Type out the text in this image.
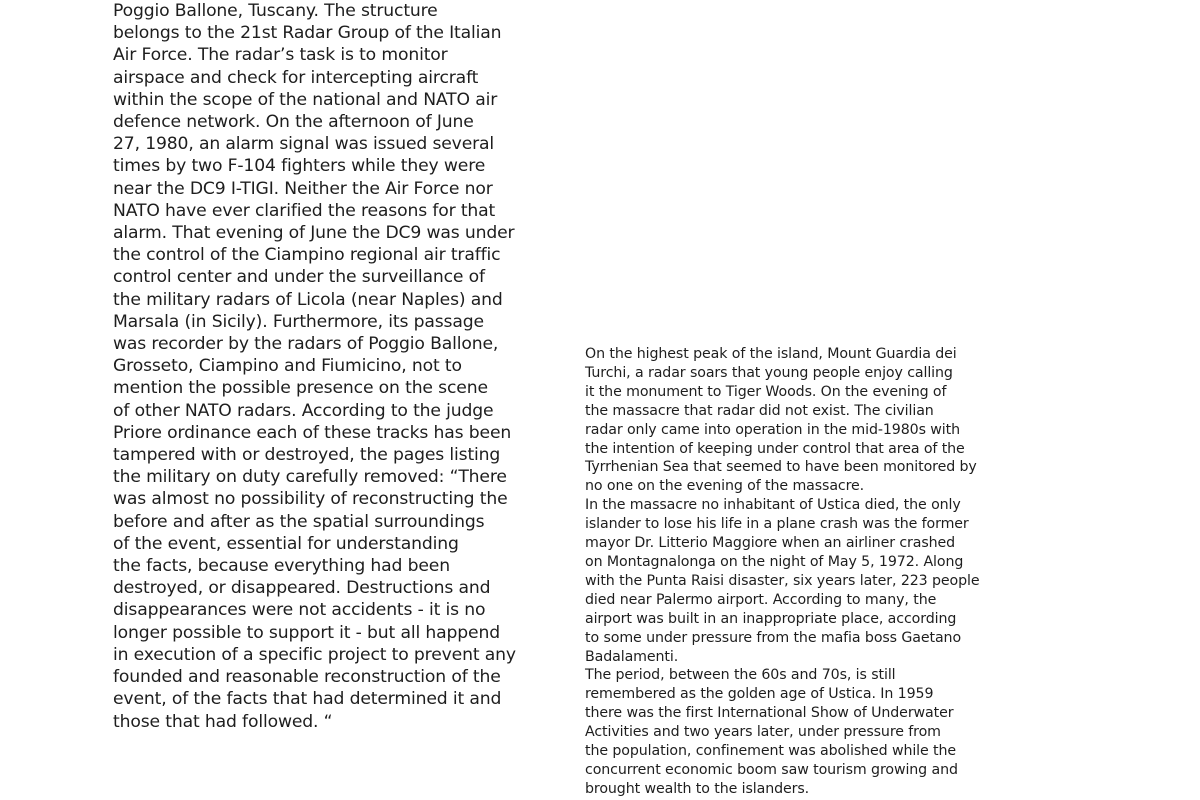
Poggio Ballone, Tuscany. The structure
belongs to the 21st Radar Group of the Italian
Air Force. The radar’s task is to monitor
airspace and check for intercepting aircraft
within the scope of the national and NATO air
defence network. On the afternoon of June
27, 1980, an alarm signal was issued several
times by two F-104 fighters while they were
near the DC9 I-TIGI. Neither the Air Force nor
NATO have ever clarified the reasons for that
alarm. That evening of June the DC9 was under
the control of the Ciampino regional air traffic
control center and under the surveillance of
the military radars of Licola (near Naples) and
Marsala (in Sicily). Furthermore, its passage
was recorder by the radars of Poggio Ballone,
Grosseto, Ciampino and Fiumicino, not to
mention the possible presence on the scene
of other NATO radars. According to the judge
Priore ordinance each of these tracks has been
tampered with or destroyed, the pages listing
the military on duty carefully removed: “There
was almost no possibility of reconstructing the
before and after as the spatial surroundings
of the event, essential for understanding
the facts, because everything had been
destroyed, or disappeared. Destructions and
disappearances were not accidents - it is no
longer possible to support it - but all happend
in execution of a specific project to prevent any
founded and reasonable reconstruction of the
event, of the facts that had determined it and
those that had followed. “
On the highest peak of the island, Mount Guardia dei
Turchi, a radar soars that young people enjoy calling
it the monument to Tiger Woods. On the evening of
the massacre that radar did not exist. The civilian
radar only came into operation in the mid-1980s with
the intention of keeping under control that area of the
Tyrrhenian Sea that seemed to have been monitored by
no one on the evening of the massacre.
In the massacre no inhabitant of Ustica died, the only
islander to lose his life in a plane crash was the former
mayor Dr. Litterio Maggiore when an airliner crashed
on Montagnalonga on the night of May 5, 1972. Along
with the Punta Raisi disaster, six years later, 223 people
died near Palermo airport. According to many, the
airport was built in an inappropriate place, according
to some under pressure from the mafia boss Gaetano
Badalamenti.
The period, between the 60s and 70s, is still
remembered as the golden age of Ustica. In 1959
there was the first International Show of Underwater
Activities and two years later, under pressure from
the population, confinement was abolished while the
concurrent economic boom saw tourism growing and
brought wealth to the islanders.
